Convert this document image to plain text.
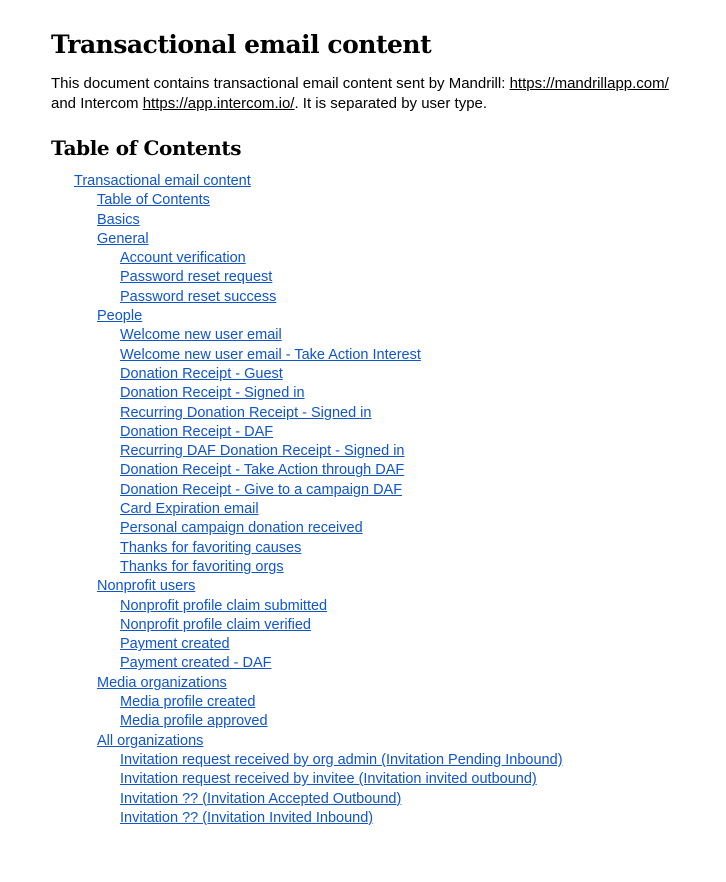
Transactional email content

This document contains transactional email content sent by Mandrill: https://mandrillapp.com/ and Intercom https://app.intercom.io/. It is separated by user type.

Table of Contents
Transactional email content
Table of Contents
Basics
General
Account verification
Password reset request
Password reset success
People
Welcome new user email
Welcome new user email - Take Action Interest
Donation Receipt - Guest
Donation Receipt - Signed in
Recurring Donation Receipt - Signed in
Donation Receipt - DAF
Recurring DAF Donation Receipt - Signed in
Donation Receipt - Take Action through DAF
Donation Receipt - Give to a campaign DAF
Card Expiration email
Personal campaign donation received
Thanks for favoriting causes
Thanks for favoriting orgs
Nonprofit users
Nonprofit profile claim submitted
Nonprofit profile claim verified
Payment created
Payment created - DAF
Media organizations
Media profile created
Media profile approved
All organizations
Invitation request received by org admin (Invitation Pending Inbound)
Invitation request received by invitee (Invitation invited outbound)
Invitation ?? (Invitation Accepted Outbound)
Invitation ?? (Invitation Invited Inbound)
